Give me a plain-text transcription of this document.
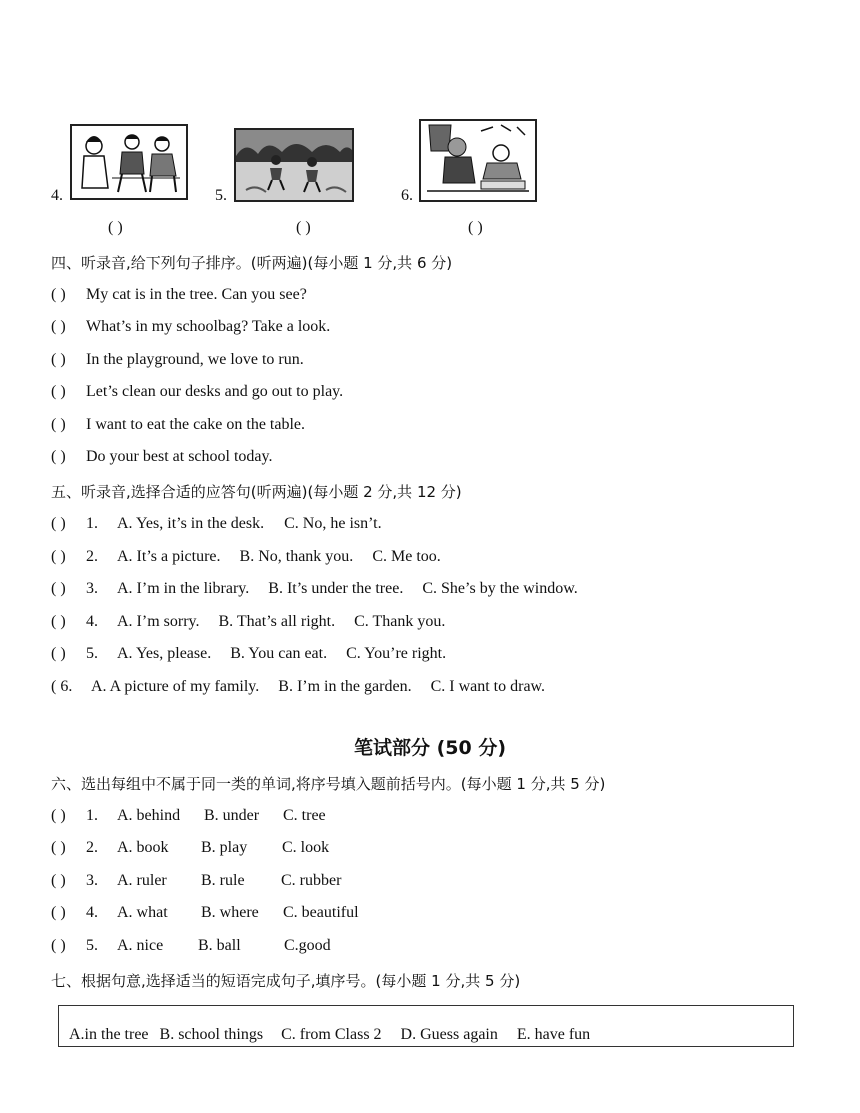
4.
( )
5.
( )
6.
( )
四、听录音,给下列句子排序。(听两遍)(每小题 1 分,共 6 分)
( ) My cat is in the tree. Can you see?
( ) What’s in my schoolbag? Take a look.
( ) In the playground, we love to run.
( ) Let’s clean our desks and go out to play.
( ) I want to eat the cake on the table.
( ) Do your best at school today.
五、听录音,选择合适的应答句(听两遍)(每小题 2 分,共 12 分)
( ) 1. A. Yes, it’s in the desk. C. No, he isn’t.
( ) 2. A. It’s a picture. B. No, thank you. C. Me too.
( ) 3. A. I’m in the library. B. It’s under the tree. C. She’s by the window.
( ) 4. A. I’m sorry. B. That’s all right. C. Thank you.
( ) 5. A. Yes, please. B. You can eat. C. You’re right.
( 6. A. A picture of my family. B. I’m in the garden. C. I want to draw.
笔试部分 (50 分)
六、选出每组中不属于同一类的单词,将序号填入题前括号内。(每小题 1 分,共 5 分)
( ) 1. A. behind B. under C. tree
( ) 2. A. book B. play C. look
( ) 3. A. ruler B. rule C. rubber
( ) 4. A. what B. where C. beautiful
( ) 5. A. nice B. ball	C.good
七、根据句意,选择适当的短语完成句子,填序号。(每小题 1 分,共 5 分)
A.in the tree B. school things C. from Class 2 D. Guess again E. have fun
